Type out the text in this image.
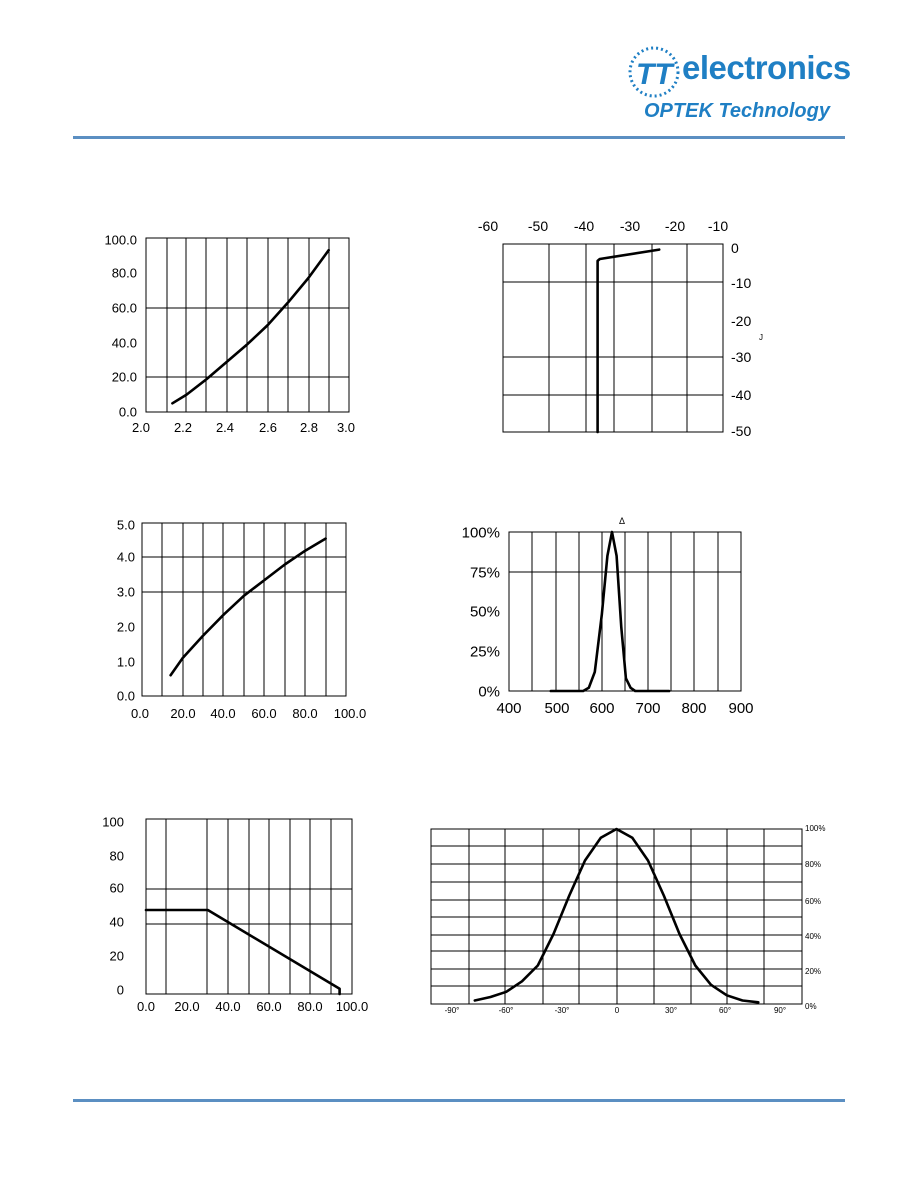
TT electronics
OPTEK Technology
2.0 2.2 2.4 2.6 2.8 3.0
0.0
20.0
40.0
60.0
80.0
100.0
-60 -50 -40 -30 -20 -10
0
-10
-20
-30
-40
-50
J
0.0 20.0 40.0 60.0 80.0 100.0
0.0
1.0
2.0
3.0
4.0
5.0
400 500 600 700 800 900
0%
25%
50%
75%
100%
Δ
0.0 20.0 40.0 60.0 80.0 100.0
0
20
40
60
80
100
-90°	-60°	-30°	0	30°	60°	90° 0%
20%
40%
60%
80%
100%
